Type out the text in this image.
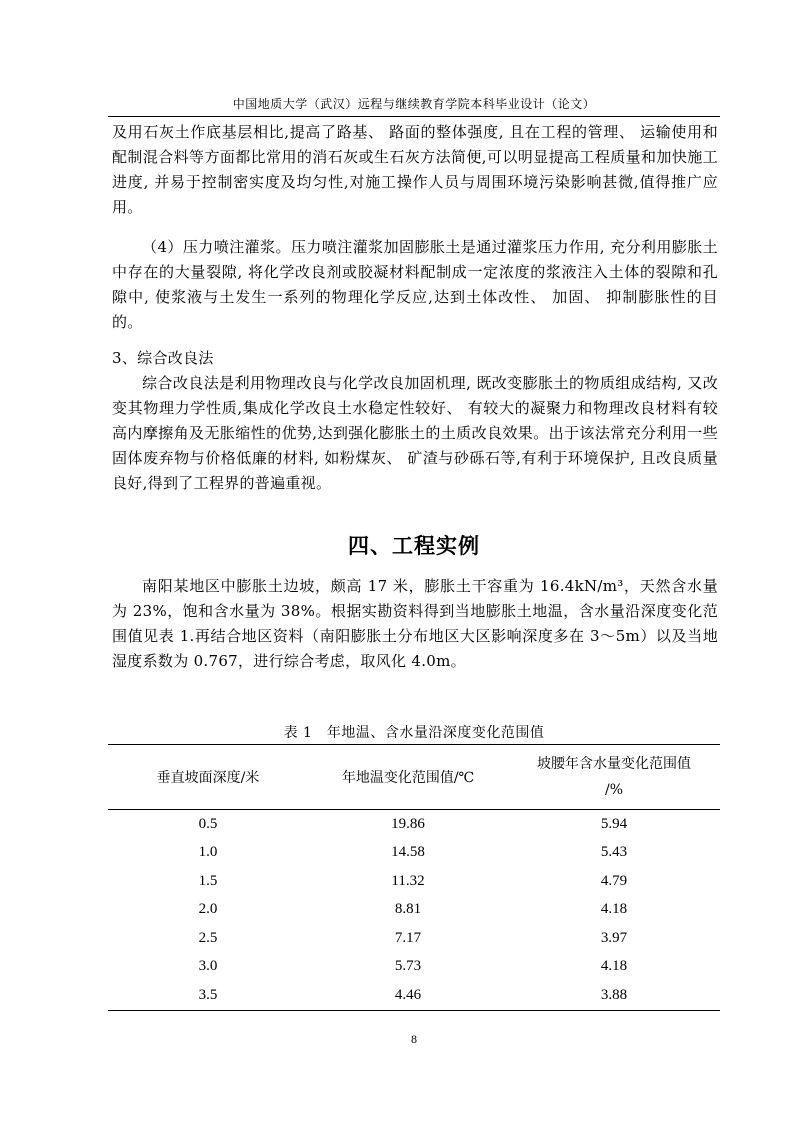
中国地质大学（武汉）远程与继续教育学院本科毕业设计（论文）

及用石灰土作底基层相比,提高了路基、 路面的整体强度, 且在工程的管理、 运输使用和配制混合料等方面都比常用的消石灰或生石灰方法简便,可以明显提高工程质量和加快施工进度, 并易于控制密实度及均匀性,对施工操作人员与周围环境污染影响甚微,值得推广应用。

（4）压力喷注灌浆。压力喷注灌浆加固膨胀土是通过灌浆压力作用, 充分利用膨胀土中存在的大量裂隙, 将化学改良剂或胶凝材料配制成一定浓度的浆液注入土体的裂隙和孔隙中, 使浆液与土发生一系列的物理化学反应,达到土体改性、 加固、 抑制膨胀性的目的。

3、综合改良法

综合改良法是利用物理改良与化学改良加固机理, 既改变膨胀土的物质组成结构, 又改变其物理力学性质,集成化学改良土水稳定性较好、 有较大的凝聚力和物理改良材料有较高内摩擦角及无胀缩性的优势,达到强化膨胀土的土质改良效果。出于该法常充分利用一些固体废弃物与价格低廉的材料, 如粉煤灰、 矿渣与砂砾石等,有利于环境保护, 且改良质量良好,得到了工程界的普遍重视。

四、工程实例

南阳某地区中膨胀土边坡，颇高 17 米，膨胀土干容重为 16.4kN/m³，天然含水量为 23%，饱和含水量为 38%。根据实勘资料得到当地膨胀土地温，含水量沿深度变化范围值见表 1.再结合地区资料（南阳膨胀土分布地区大区影响深度多在 3～5m）以及当地湿度系数为 0.767，进行综合考虑，取风化 4.0m。

表 1　年地温、含水量沿深度变化范围值
垂直坡面深度/米	年地温变化范围值/℃	坡腰年含水量变化范围值
/%

0.5	19.86	5.94
1.0	14.58	5.43
1.5	11.32	4.79
2.0	8.81	4.18
2.5	7.17	3.97
3.0	5.73	4.18
3.5	4.46	3.88
8
